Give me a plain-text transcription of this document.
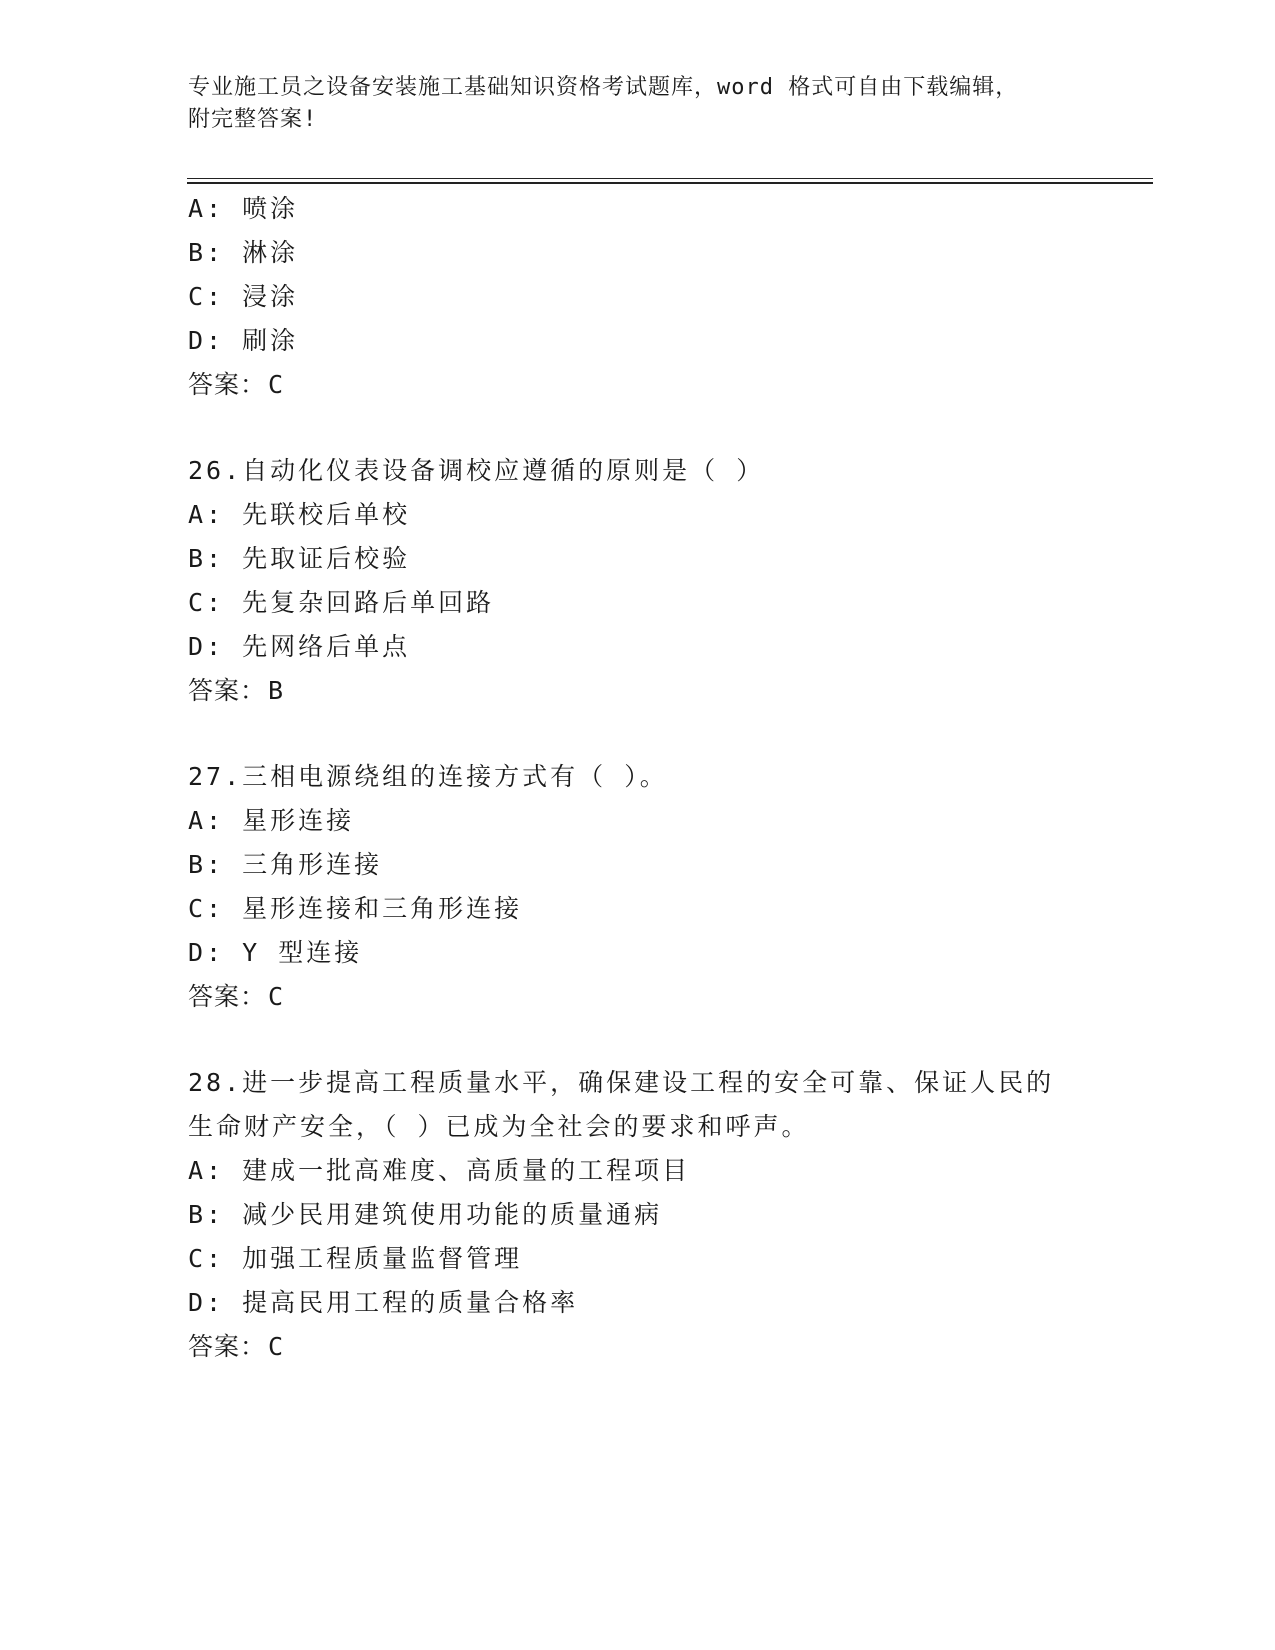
专业施工员之设备安装施工基础知识资格考试题库，word 格式可自由下载编辑，
附完整答案!
A: 喷涂
B: 淋涂
C: 浸涂
D: 刷涂
答案：C
26.自动化仪表设备调校应遵循的原则是（ ）
A: 先联校后单校
B: 先取证后校验
C: 先复杂回路后单回路
D: 先网络后单点
答案：B
27.三相电源绕组的连接方式有（ ）。
A: 星形连接
B: 三角形连接
C: 星形连接和三角形连接
D: Y 型连接
答案：C
28.进一步提高工程质量水平，确保建设工程的安全可靠、保证人民的
生命财产安全，（ ）已成为全社会的要求和呼声。
A: 建成一批高难度、高质量的工程项目
B: 减少民用建筑使用功能的质量通病
C: 加强工程质量监督管理
D: 提高民用工程的质量合格率
答案：C
